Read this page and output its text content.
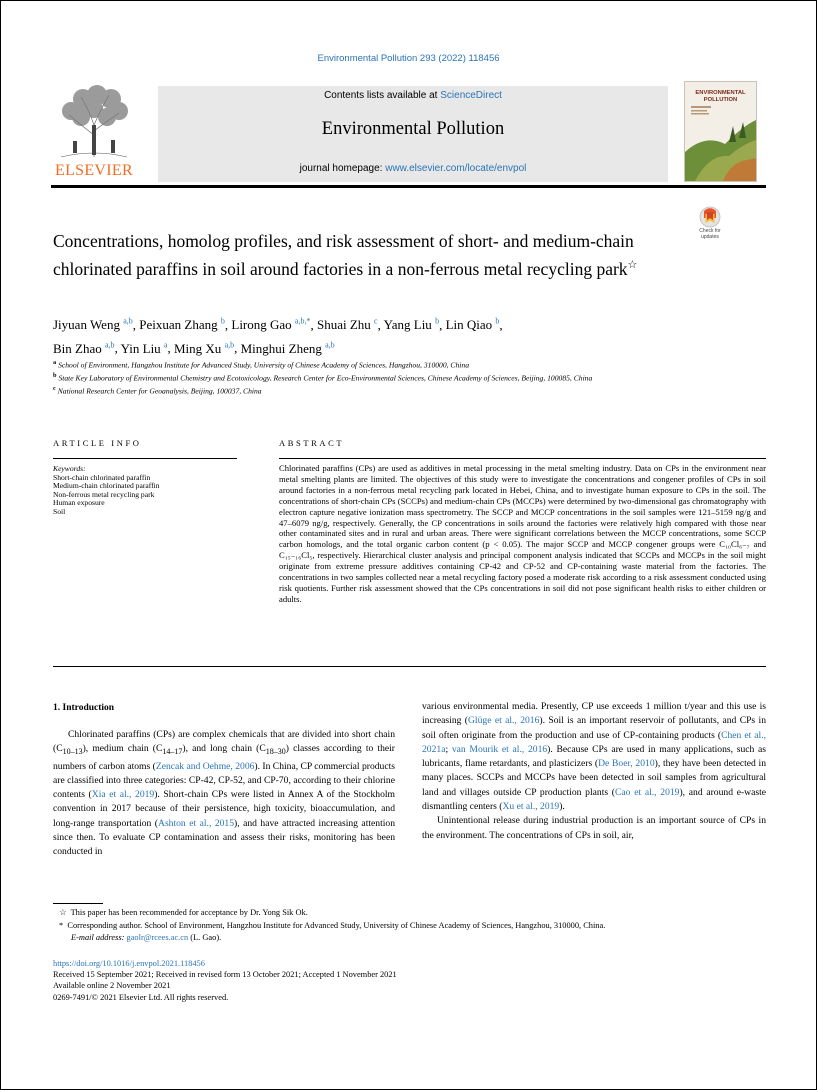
Environmental Pollution 293 (2022) 118456
ELSEVIER
Contents lists available at ScienceDirect
Environmental Pollution
journal homepage: www.elsevier.com/locate/envpol
ENVIRONMENTAL
POLLUTION
Check for
updates
Concentrations, homolog profiles, and risk assessment of short- and medium-chain chlorinated paraffins in soil around factories in a non-ferrous metal recycling park☆
Jiyuan Weng $^{a,b}$, Peixuan Zhang $^b$, Lirong Gao $^{a,b,*}$, Shuai Zhu $^c$, Yang Liu $^b$, Lin Qiao $^b$,
Bin Zhao $^{a,b}$, Yin Liu $^a$, Ming Xu $^{a,b}$, Minghui Zheng $^{a,b}$
$^a$ School of Environment, Hangzhou Institute for Advanced Study, University of Chinese Academy of Sciences, Hangzhou, 310000, China
$^b$ State Key Laboratory of Environmental Chemistry and Ecotoxicology, Research Center for Eco-Environmental Sciences, Chinese Academy of Sciences, Beijing, 100085, China
$^c$ National Research Center for Geoanalysis, Beijing, 100037, China
ARTICLE INFO
Keywords:
Short-chain chlorinated paraffin
Medium-chain chlorinated paraffin
Non-ferrous metal recycling park
Human exposure
Soil
ABSTRACT
Chlorinated paraffins (CPs) are used as additives in metal processing in the metal smelting industry. Data on CPs in the environment near metal smelting plants are limited. The objectives of this study were to investigate the concentrations and congener profiles of CPs in soil around factories in a non-ferrous metal recycling park located in Hebei, China, and to investigate human exposure to CPs in the soil. The concentrations of short-chain CPs (SCCPs) and medium-chain CPs (MCCPs) were determined by two-dimensional gas chromatography with electron capture negative ionization mass spectrometry. The SCCP and MCCP concentrations in the soil samples were 121–5159 ng/g and 47–6079 ng/g, respectively. Generally, the CP concentrations in soils around the factories were relatively high compared with those near other contaminated sites and in rural and urban areas. There were significant correlations between the MCCP concentrations, some SCCP carbon homologs, and the total organic carbon content (p < 0.05). The major SCCP and MCCP congener groups were C₁₀Cl₆₋₇ and C₁₅₋₁₆Cl₅, respectively. Hierarchical cluster analysis and principal component analysis indicated that SCCPs and MCCPs in the soil might originate from extreme pressure additives containing CP-42 and CP-52 and CP-containing waste material from the factories. The concentrations in two samples collected near a metal recycling factory posed a moderate risk according to a risk assessment conducted using risk quotients. Further risk assessment showed that the CPs concentrations in soil did not pose significant health risks to either children or adults.
1. Introduction

Chlorinated paraffins (CPs) are complex chemicals that are divided into short chain $(C_{10-13})$, medium chain $(C_{14-17})$, and long chain $(C_{18-30})$ classes according to their numbers of carbon atoms (Zencak and Oehme, 2006). In China, CP commercial products are classified into three categories: CP-42, CP-52, and CP-70, according to their chlorine contents (Xia et al., 2019). Short-chain CPs were listed in Annex A of the Stockholm convention in 2017 because of their persistence, high toxicity, bioaccumulation, and long-range transportation (Ashton et al., 2015), and have attracted increasing attention since then. To evaluate CP contamination and assess their risks, monitoring has been conducted in

various environmental media. Presently, CP use exceeds 1 million t/year and this use is increasing (Glüge et al., 2016). Soil is an important reservoir of pollutants, and CPs in soil often originate from the production and use of CP-containing products (Chen et al., 2021a; van Mourik et al., 2016). Because CPs are used in many applications, such as lubricants, flame retardants, and plasticizers (De Boer, 2010), they have been detected in many places. SCCPs and MCCPs have been detected in soil samples from agricultural land and villages outside CP production plants (Cao et al., 2019), and around e-waste dismantling centers (Xu et al., 2019).

Unintentional release during industrial production is an important source of CPs in the environment. The concentrations of CPs in soil, air,

☆ This paper has been recommended for acceptance by Dr. Yong Sik Ok.
* Corresponding author. School of Environment, Hangzhou Institute for Advanced Study, University of Chinese Academy of Sciences, Hangzhou, 310000, China.
E-mail address: gaolr@rcees.ac.cn (L. Gao).
https://doi.org/10.1016/j.envpol.2021.118456
Received 15 September 2021; Received in revised form 13 October 2021; Accepted 1 November 2021
Available online 2 November 2021
0269-7491/© 2021 Elsevier Ltd. All rights reserved.
